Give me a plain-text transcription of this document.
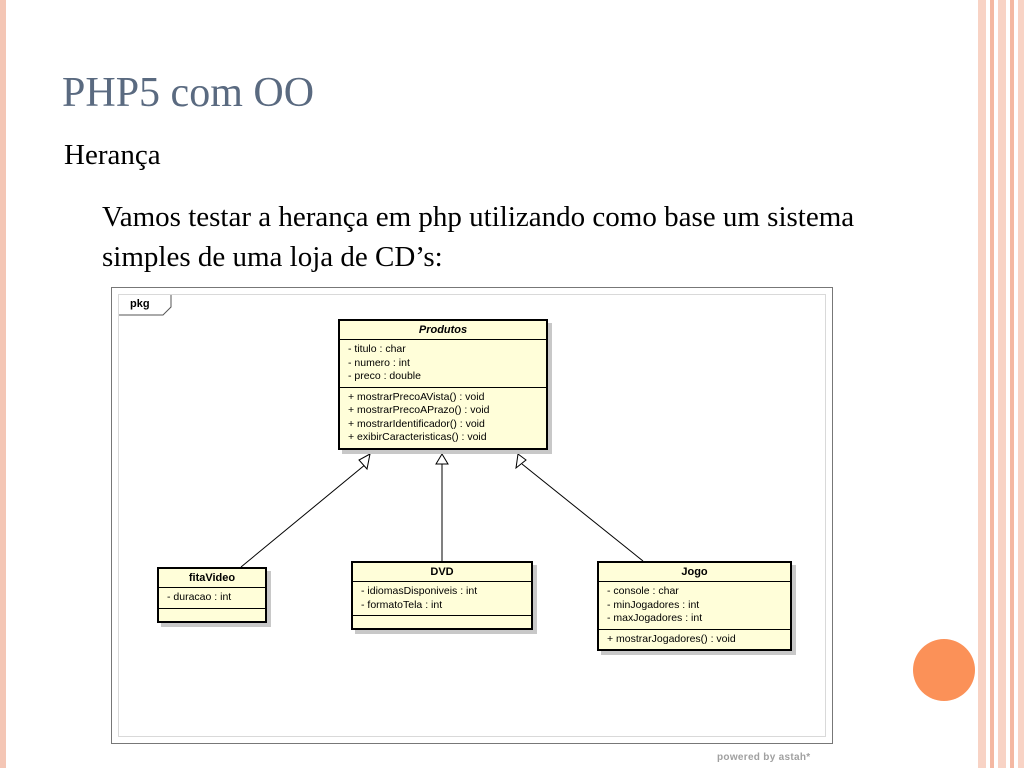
PHP5 com OO
Herança
Vamos testar a herança em php utilizando como base um sistema simples de uma loja de CD’s:
pkg
Produtos
- titulo : char
- numero : int
- preco : double
+ mostrarPrecoAVista() : void
+ mostrarPrecoAPrazo() : void
+ mostrarIdentificador() : void
+ exibirCaracteristicas() : void
fitaVideo
- duracao : int
DVD
- idiomasDisponiveis : int
- formatoTela : int
Jogo
- console : char
- minJogadores : int
- maxJogadores : int
+ mostrarJogadores() : void
powered by astah*
